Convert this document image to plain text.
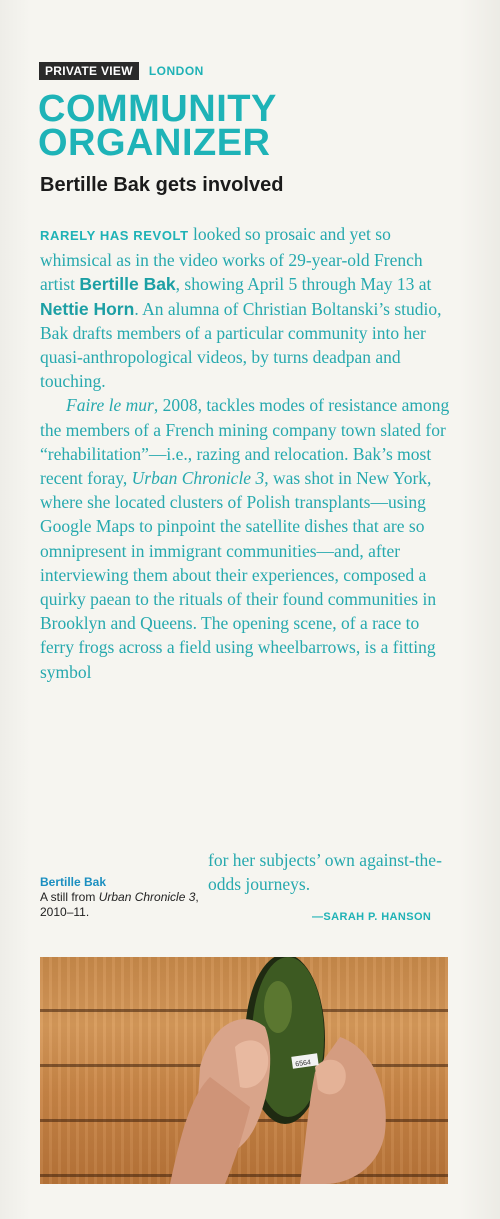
PRIVATE VIEW	LONDON
COMMUNITY
ORGANIZER
Bertille Bak gets involved

RARELY HAS REVOLT looked so prosaic and yet so whimsical as in the video works of 29-year-old French artist Bertille Bak, showing April 5 through May 13 at Nettie Horn. An alumna of Christian Boltanski’s studio, Bak drafts members of a particular community into her quasi-anthropological videos, by turns deadpan and touching.

Faire le mur, 2008, tackles modes of resistance among the members of a French mining company town slated for “rehabilitation”—i.e., razing and relocation. Bak’s most recent foray, Urban Chronicle 3, was shot in New York, where she located clusters of Polish transplants—using Google Maps to pinpoint the satellite dishes that are so omnipresent in immigrant communities—and, after interviewing them about their experiences, composed a quirky paean to the rituals of their found communities in Brooklyn and Queens. The opening scene, of a race to ferry frogs across a field using wheelbarrows, is a fitting symbol

for her subjects’ own against-the-odds journeys.
Bertille Bak
A still from Urban Chronicle 3, 2010–11.	—SARAH P. HANSON
6564
